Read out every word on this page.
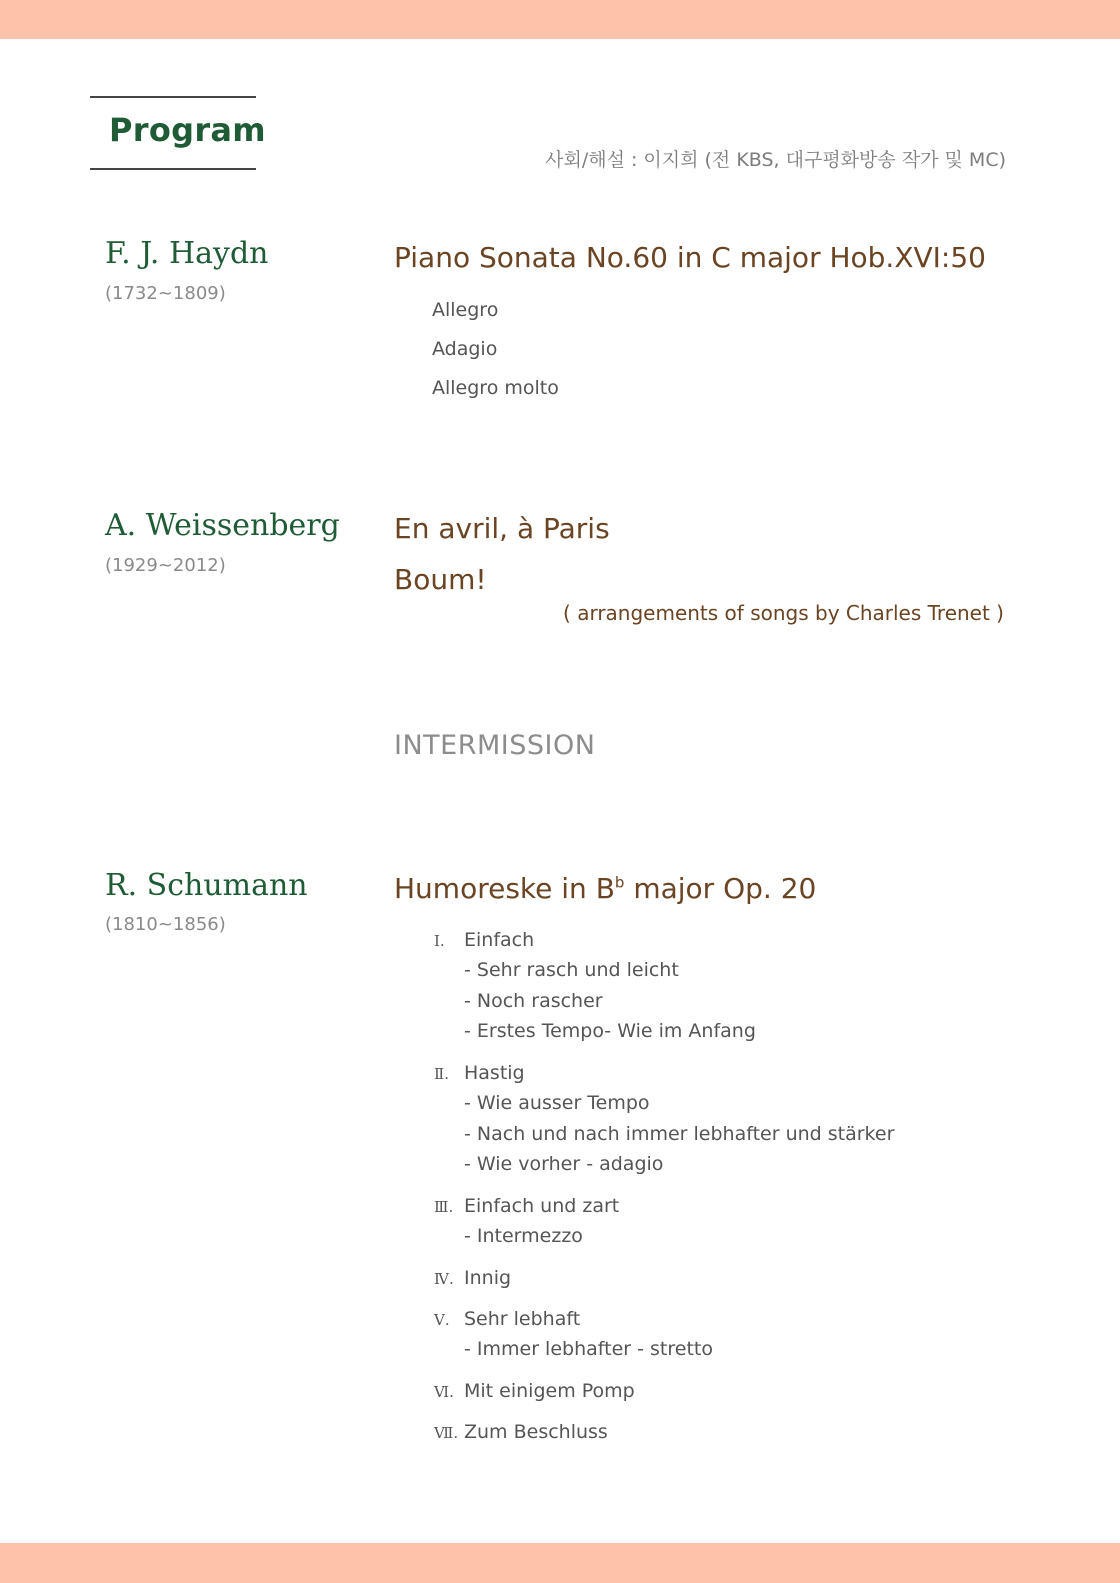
Program
사회/해설 : 이지희 (전 KBS, 대구평화방송 작가 및 MC)
F. J. Haydn
(1732~1809)
Piano Sonata No.60 in C major Hob.XVI:50
Allegro
Adagio
Allegro molto
A. Weissenberg
(1929~2012)
En avril, à Paris
Boum!
( arrangements of songs by Charles Trenet )
INTERMISSION
R. Schumann
(1810~1856)
Humoreske in $B^b$ major Op. 20
Ⅰ. Einfach
- Sehr rasch und leicht
- Noch rascher
- Erstes Tempo- Wie im Anfang
Ⅱ. Hastig
- Wie ausser Tempo
- Nach und nach immer lebhafter und stärker
- Wie vorher - adagio
Ⅲ. Einfach und zart
- Intermezzo
Ⅳ. Innig
Ⅴ. Sehr lebhaft
- Immer lebhafter - stretto
Ⅵ. Mit einigem Pomp
Ⅶ. Zum Beschluss
